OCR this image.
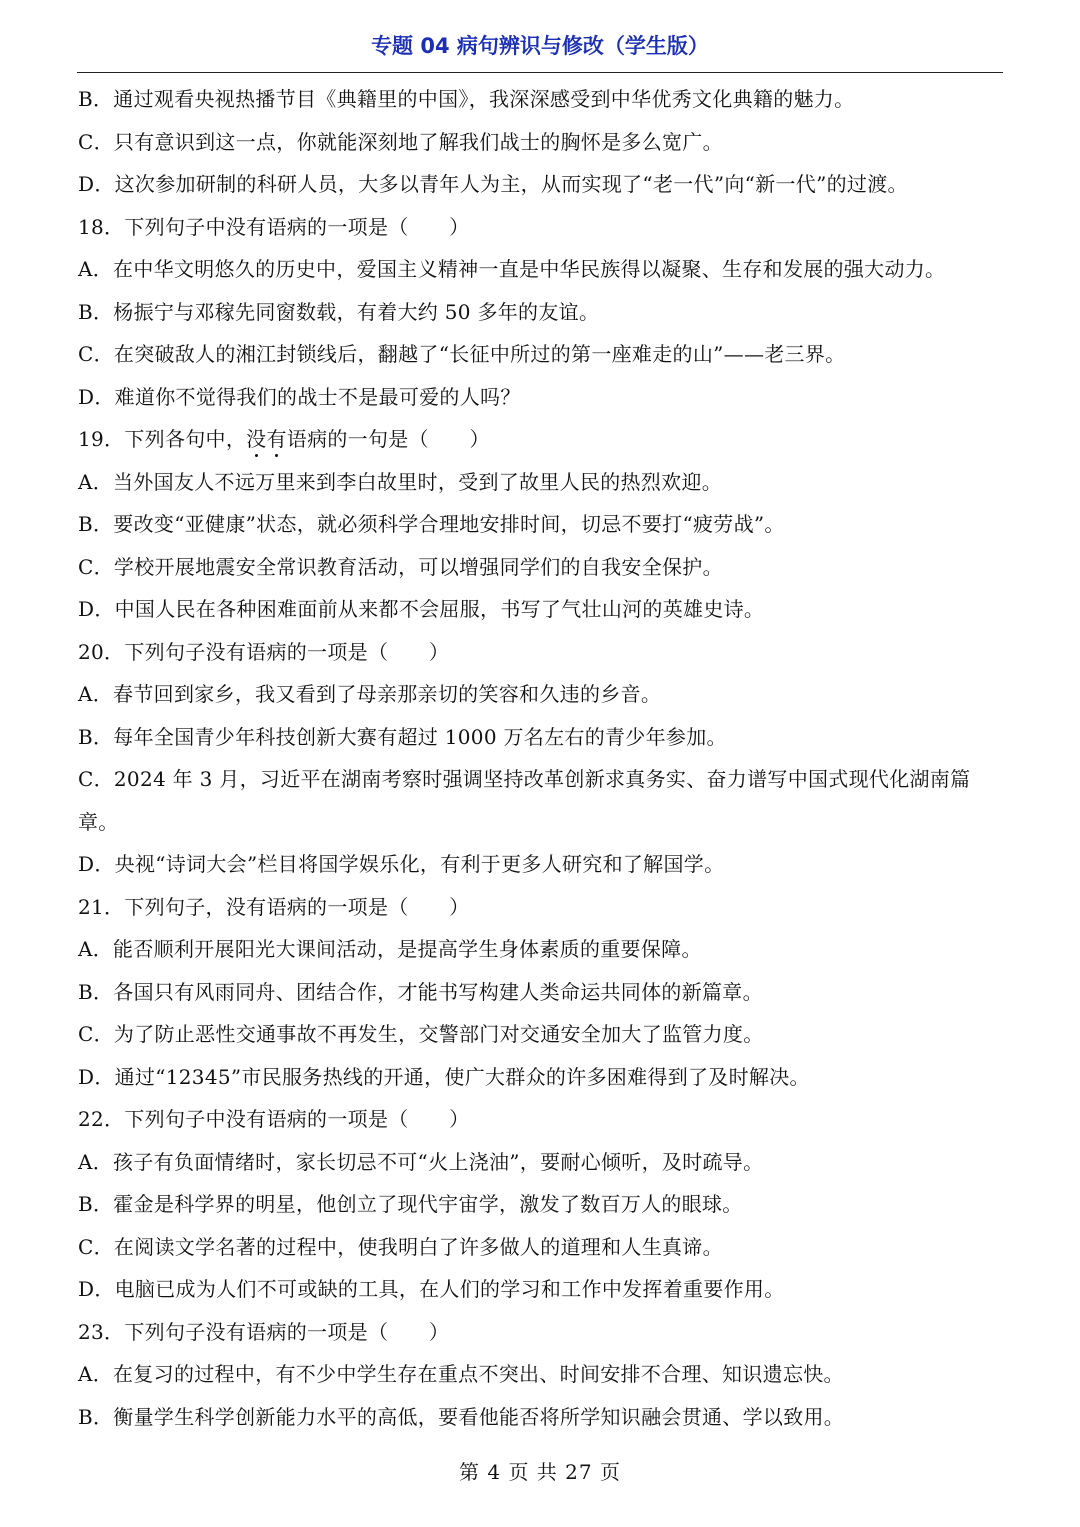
专题 04 病句辨识与修改（学生版）
B．通过观看央视热播节目《典籍里的中国》，我深深感受到中华优秀文化典籍的魅力。
C．只有意识到这一点，你就能深刻地了解我们战士的胸怀是多么宽广。
D．这次参加研制的科研人员，大多以青年人为主，从而实现了“老一代”向“新一代”的过渡。
18．下列句子中没有语病的一项是（　　）
A．在中华文明悠久的历史中，爱国主义精神一直是中华民族得以凝聚、生存和发展的强大动力。
B．杨振宁与邓稼先同窗数载，有着大约 50 多年的友谊。
C．在突破敌人的湘江封锁线后，翻越了“长征中所过的第一座难走的山”——老三界。
D．难道你不觉得我们的战士不是最可爱的人吗？
19．下列各句中，没有语病的一句是（　　）
A．当外国友人不远万里来到李白故里时，受到了故里人民的热烈欢迎。
B．要改变“亚健康”状态，就必须科学合理地安排时间，切忌不要打“疲劳战”。
C．学校开展地震安全常识教育活动，可以增强同学们的自我安全保护。
D．中国人民在各种困难面前从来都不会屈服，书写了气壮山河的英雄史诗。
20．下列句子没有语病的一项是（　　）
A．春节回到家乡，我又看到了母亲那亲切的笑容和久违的乡音。
B．每年全国青少年科技创新大赛有超过 1000 万名左右的青少年参加。
C．2024 年 3 月，习近平在湖南考察时强调坚持改革创新求真务实、奋力谱写中国式现代化湖南篇
章。
D．央视“诗词大会”栏目将国学娱乐化，有利于更多人研究和了解国学。
21．下列句子，没有语病的一项是（　　）
A．能否顺利开展阳光大课间活动，是提高学生身体素质的重要保障。
B．各国只有风雨同舟、团结合作，才能书写构建人类命运共同体的新篇章。
C．为了防止恶性交通事故不再发生，交警部门对交通安全加大了监管力度。
D．通过“12345”市民服务热线的开通，使广大群众的许多困难得到了及时解决。
22．下列句子中没有语病的一项是（　　）
A．孩子有负面情绪时，家长切忌不可“火上浇油”，要耐心倾听，及时疏导。
B．霍金是科学界的明星，他创立了现代宇宙学，激发了数百万人的眼球。
C．在阅读文学名著的过程中，使我明白了许多做人的道理和人生真谛。
D．电脑已成为人们不可或缺的工具，在人们的学习和工作中发挥着重要作用。
23．下列句子没有语病的一项是（　　）
A．在复习的过程中，有不少中学生存在重点不突出、时间安排不合理、知识遗忘快。
B．衡量学生科学创新能力水平的高低，要看他能否将所学知识融会贯通、学以致用。
第 4 页 共 27 页
